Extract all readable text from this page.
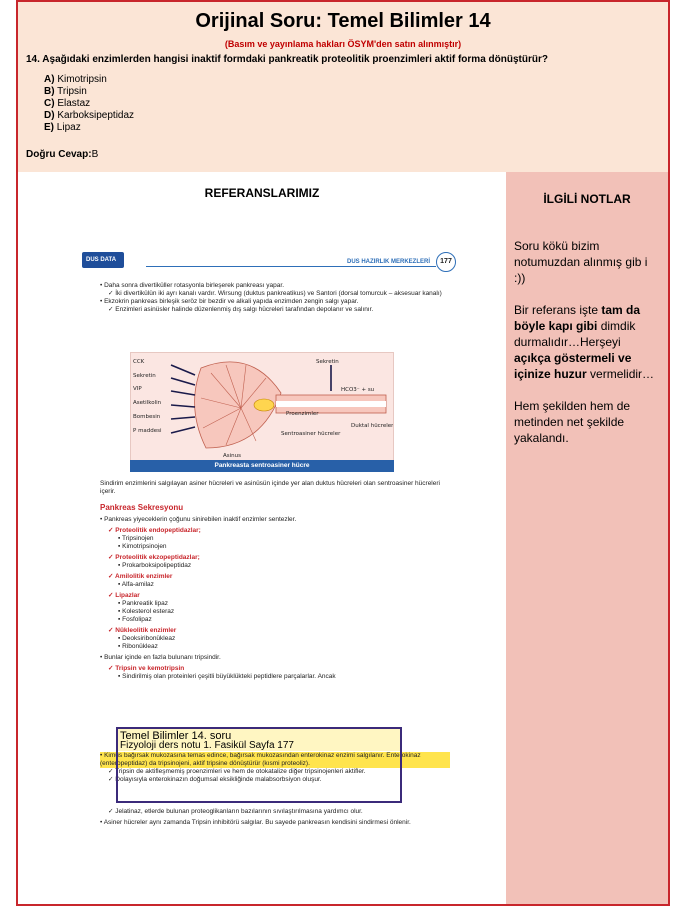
Orijinal Soru: Temel Bilimler 14
(Basım ve yayınlama hakları ÖSYM'den satın alınmıştır)
14. Aşağıdaki enzimlerden hangisi inaktif formdaki pankreatik proteolitik proenzimleri aktif forma dönüştürür?
A) Kimotripsin
B) Tripsin
C) Elastaz
D) Karboksipeptidaz
E) Lipaz
Doğru Cevap:B
REFERANSLARIMIZ	İLGİLİ NOTLAR

Soru kökü bizim notumuzdan alınmış gib i :))

Bir referans işte tam da böyle kapı gibi dimdik durmalıdır…Herşeyi açıkça göstermeli ve içinize huzur vermelidir…

Hem şekilden hem de metinden net şekilde yakalandı.

DUS DATA	DUS HAZIRLIK MERKEZLERİ	177
• Daha sonra divertiküller rotasyonla birleşerek pankreası yapar.
✓ İki divertikülün iki ayrı kanalı vardır. Wirsung (duktus pankreatikus) ve Santori (dorsal tomurcuk – aksesuar kanalı)
• Ekzokrin pankreas birleşik seröz bir bezdir ve alkali yapıda enzimden zengin salgı yapar.
✓ Enzimleri asinüsler halinde düzenlenmiş dış salgı hücreleri tarafından depolanır ve salınır.
CCK
Sekretin
VIP
Asetilkolin
Bombesin
P maddesi
Asinus
Sekretin
Proenzimler
HCO3⁻ + su
Duktal hücreler
Sentroasiner hücreler
Pankreasta sentroasiner hücre
Sindirim enzimlerini salgılayan asiner hücreleri ve asinüsün içinde yer alan duktus hücreleri olan sentroasiner hücreleri içerir.
Pankreas Sekresyonu
• Pankreas yiyeceklerin çoğunu sinirebilen inaktif enzimler sentezler.
✓ Proteolitik endopeptidazlar;
▪ Tripsinojen
▪ Kimotripsinojen
✓ Proteolitik ekzopeptidazlar;
▪ Prokarboksipolipeptidaz
✓ Amilolitik enzimler
▪ Alfa-amilaz
✓ Lipazlar
▪ Pankreatik lipaz
▪ Kolesterol esteraz
▪ Fosfolipaz
✓ Nükleolitik enzimler
▪ Deoksiribonükleaz
▪ Ribonükleaz
• Bunlar içinde en fazla bulunanı tripsindir.
✓ Tripsin ve kemotripsin
▪ Sindirilmiş olan proteinleri çeşitli büyüklükteki peptidlere parçalarlar. Ancak
• Kimus bağırsak mukozasına temas edince, bağırsak mukozasından enterokinaz enzimi salgılanır. Enterokinaz (enteropeptidaz) da tripsinojeni, aktif tripsine dönüştürür (kısmi proteoliz).
✓ Tripsin de aktifleşmemiş proenzimleri ve hem de otokatalize diğer tripsinojenleri aktifler.
✓ Dolayısıyla enterokinazın doğumsal eksikliğinde malabsorbsiyon oluşur.
✓ Jelatinaz, etlerde bulunan proteoglikanların bazılarının sıvılaştırılmasına yardımcı olur.
• Asiner hücreler aynı zamanda Tripsin inhibitörü salgılar. Bu sayede pankreasın kendisini sindirmesi önlenir.
Temel Bilimler 14. soru
Fizyoloji ders notu 1. Fasikül Sayfa 177
